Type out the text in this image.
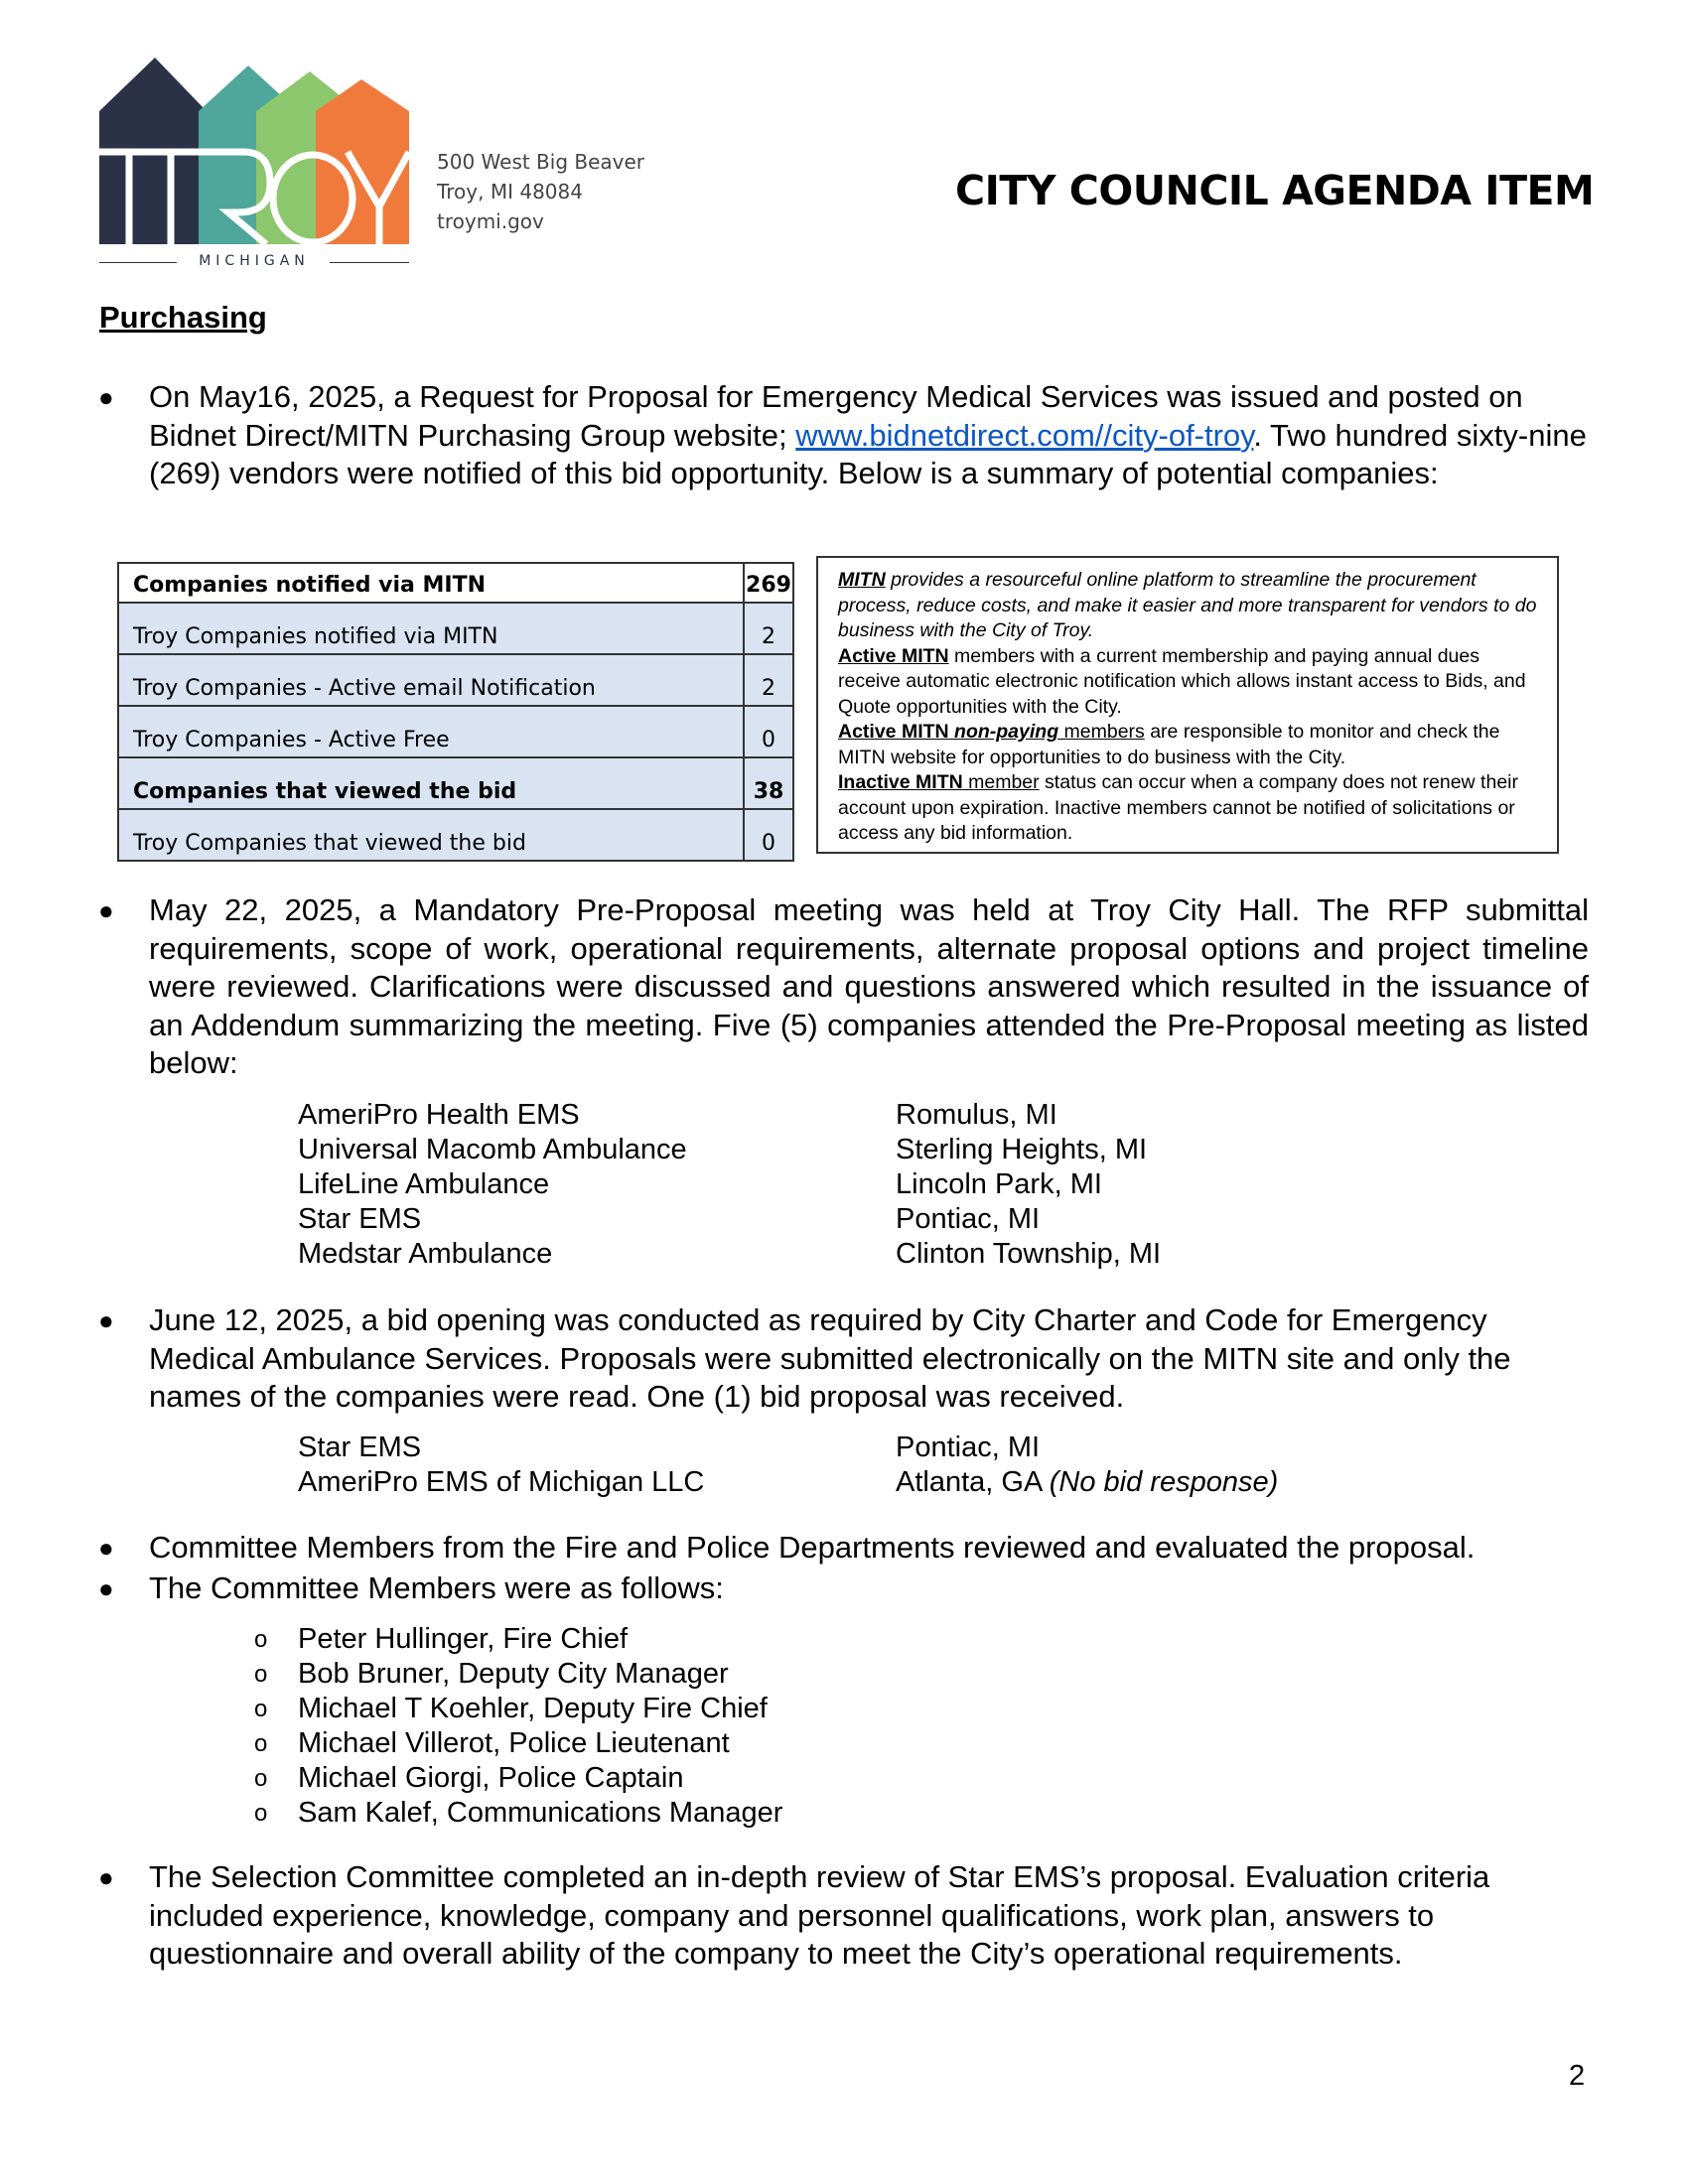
MICHIGAN
500 West Big Beaver
Troy, MI 48084
troymi.gov
CITY COUNCIL AGENDA ITEM
Purchasing
● On May16, 2025, a Request for Proposal for Emergency Medical Services was issued and posted on Bidnet Direct/MITN Purchasing Group website; www.bidnetdirect.com//city-of-troy. Two hundred sixty-nine (269) vendors were notified of this bid opportunity. Below is a summary of potential companies:
Companies notified via MITN	269
Troy Companies notified via MITN	2
Troy Companies - Active email Notification	2
Troy Companies - Active Free	0
Companies that viewed the bid	38
Troy Companies that viewed the bid	0
MITN provides a resourceful online platform to streamline the procurement process, reduce costs, and make it easier and more transparent for vendors to do business with the City of Troy.
Active MITN members with a current membership and paying annual dues receive automatic electronic notification which allows instant access to Bids, and Quote opportunities with the City.
Active MITN non-paying members are responsible to monitor and check the MITN website for opportunities to do business with the City.
Inactive MITN member status can occur when a company does not renew their account upon expiration. Inactive members cannot be notified of solicitations or access any bid information.
● May 22, 2025, a Mandatory Pre-Proposal meeting was held at Troy City Hall. The RFP submittal requirements, scope of work, operational requirements, alternate proposal options and project timeline were reviewed. Clarifications were discussed and questions answered which resulted in the issuance of an Addendum summarizing the meeting. Five (5) companies attended the Pre-Proposal meeting as listed below:
AmeriPro Health EMS	Romulus, MI
Universal Macomb Ambulance	Sterling Heights, MI
LifeLine Ambulance	Lincoln Park, MI
Star EMS	Pontiac, MI
Medstar Ambulance	Clinton Township, MI
● June 12, 2025, a bid opening was conducted as required by City Charter and Code for Emergency Medical Ambulance Services. Proposals were submitted electronically on the MITN site and only the names of the companies were read. One (1) bid proposal was received.
Star EMS	Pontiac, MI
AmeriPro EMS of Michigan LLC	Atlanta, GA (No bid response)
● Committee Members from the Fire and Police Departments reviewed and evaluated the proposal.
● The Committee Members were as follows:
o Peter Hullinger, Fire Chief
o Bob Bruner, Deputy City Manager
o Michael T Koehler, Deputy Fire Chief
o Michael Villerot, Police Lieutenant
o Michael Giorgi, Police Captain
o Sam Kalef, Communications Manager
● The Selection Committee completed an in-depth review of Star EMS’s proposal. Evaluation criteria included experience, knowledge, company and personnel qualifications, work plan, answers to questionnaire and overall ability of the company to meet the City’s operational requirements.
2
